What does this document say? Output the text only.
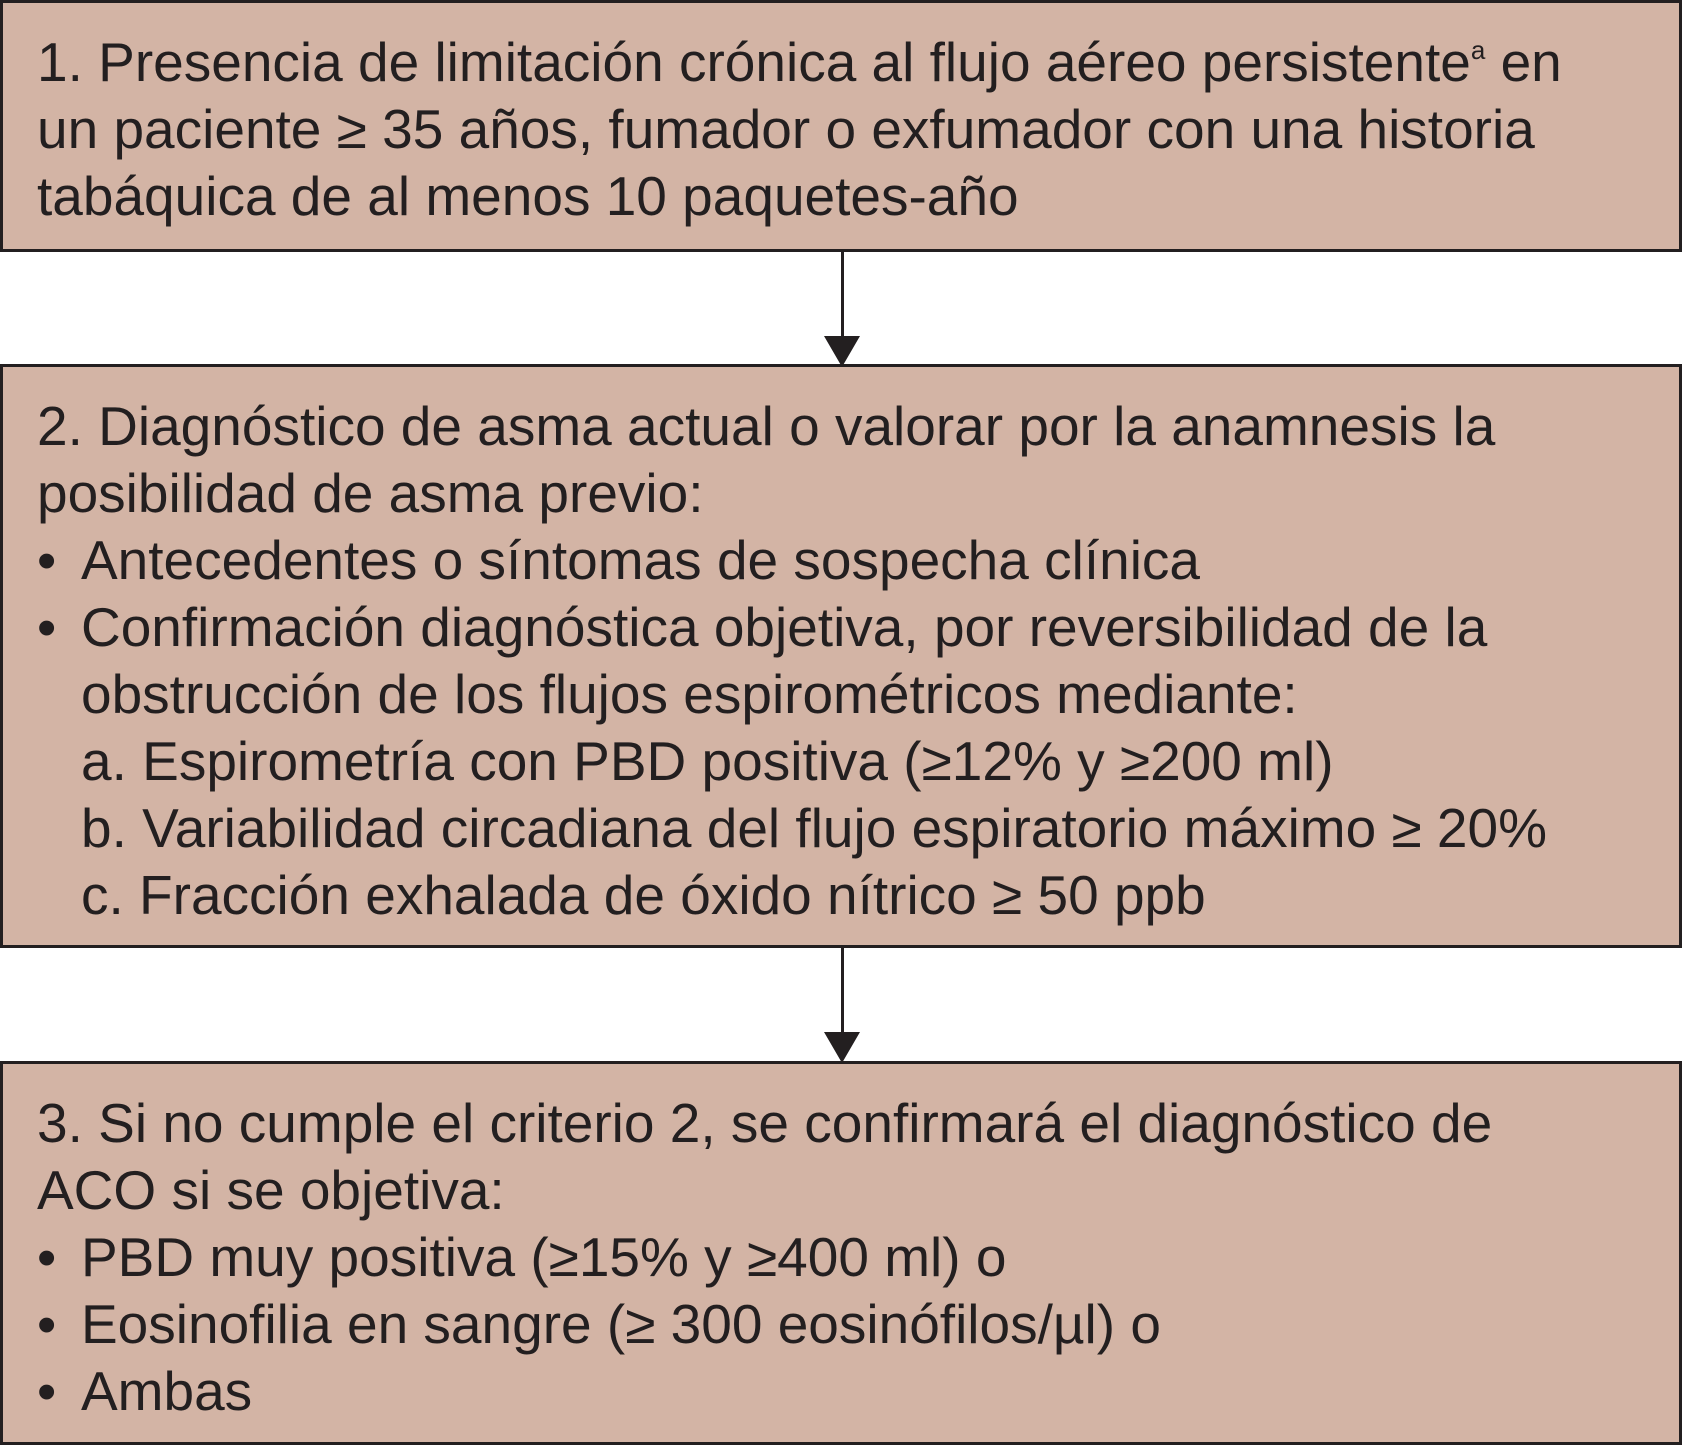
1. Presencia de limitación crónica al flujo aéreo persistente$^a$ en
un paciente ≥ 35 años, fumador o exfumador con una historia
tabáquica de al menos 10 paquetes-año
2. Diagnóstico de asma actual o valorar por la anamnesis la
posibilidad de asma previo:
• Antecedentes o síntomas de sospecha clínica
• Confirmación diagnóstica objetiva, por reversibilidad de la
obstrucción de los flujos espirométricos mediante:
a. Espirometría con PBD positiva (≥12% y ≥200 ml)
b. Variabilidad circadiana del flujo espiratorio máximo ≥ 20%
c. Fracción exhalada de óxido nítrico ≥ 50 ppb
3. Si no cumple el criterio 2, se confirmará el diagnóstico de
ACO si se objetiva:
• PBD muy positiva (≥15% y ≥400 ml) o
• Eosinofilia en sangre (≥ 300 eosinófilos/µl) o
• Ambas
